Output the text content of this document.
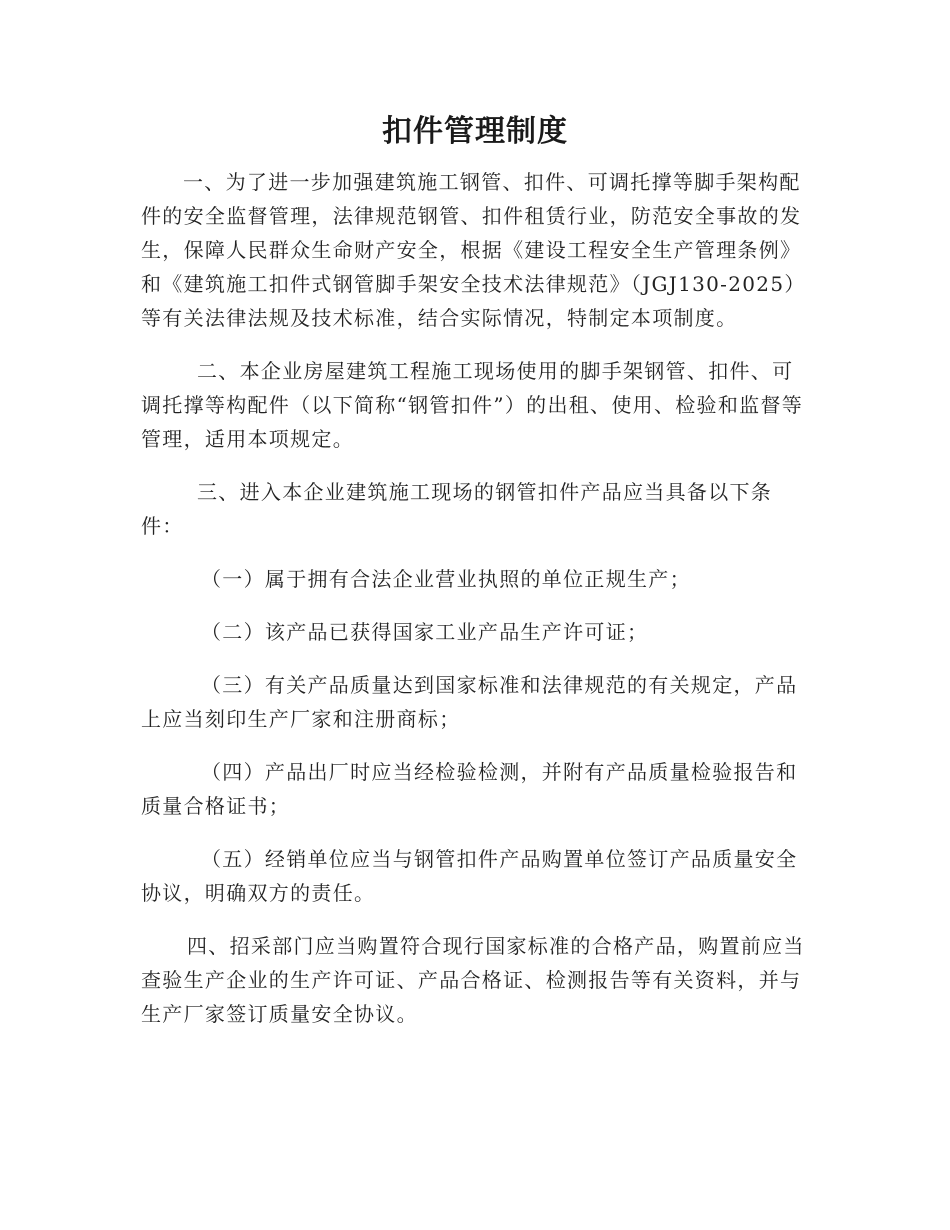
扣件管理制度

一、为了进一步加强建筑施工钢管、扣件、可调托撑等脚手架构配件的安全监督管理，法律规范钢管、扣件租赁行业，防范安全事故的发生，保障人民群众生命财产安全，根据《建设工程安全生产管理条例》和《建筑施工扣件式钢管脚手架安全技术法律规范》（JGJ130-2025）等有关法律法规及技术标准，结合实际情况，特制定本项制度。

二、本企业房屋建筑工程施工现场使用的脚手架钢管、扣件、可调托撑等构配件（以下简称“钢管扣件”）的出租、使用、检验和监督等管理，适用本项规定。

三、进入本企业建筑施工现场的钢管扣件产品应当具备以下条件：

（一）属于拥有合法企业营业执照的单位正规生产；

（二）该产品已获得国家工业产品生产许可证；

（三）有关产品质量达到国家标准和法律规范的有关规定，产品上应当刻印生产厂家和注册商标；

（四）产品出厂时应当经检验检测，并附有产品质量检验报告和质量合格证书；

（五）经销单位应当与钢管扣件产品购置单位签订产品质量安全协议，明确双方的责任。

四、招采部门应当购置符合现行国家标准的合格产品，购置前应当查验生产企业的生产许可证、产品合格证、检测报告等有关资料，并与生产厂家签订质量安全协议。
